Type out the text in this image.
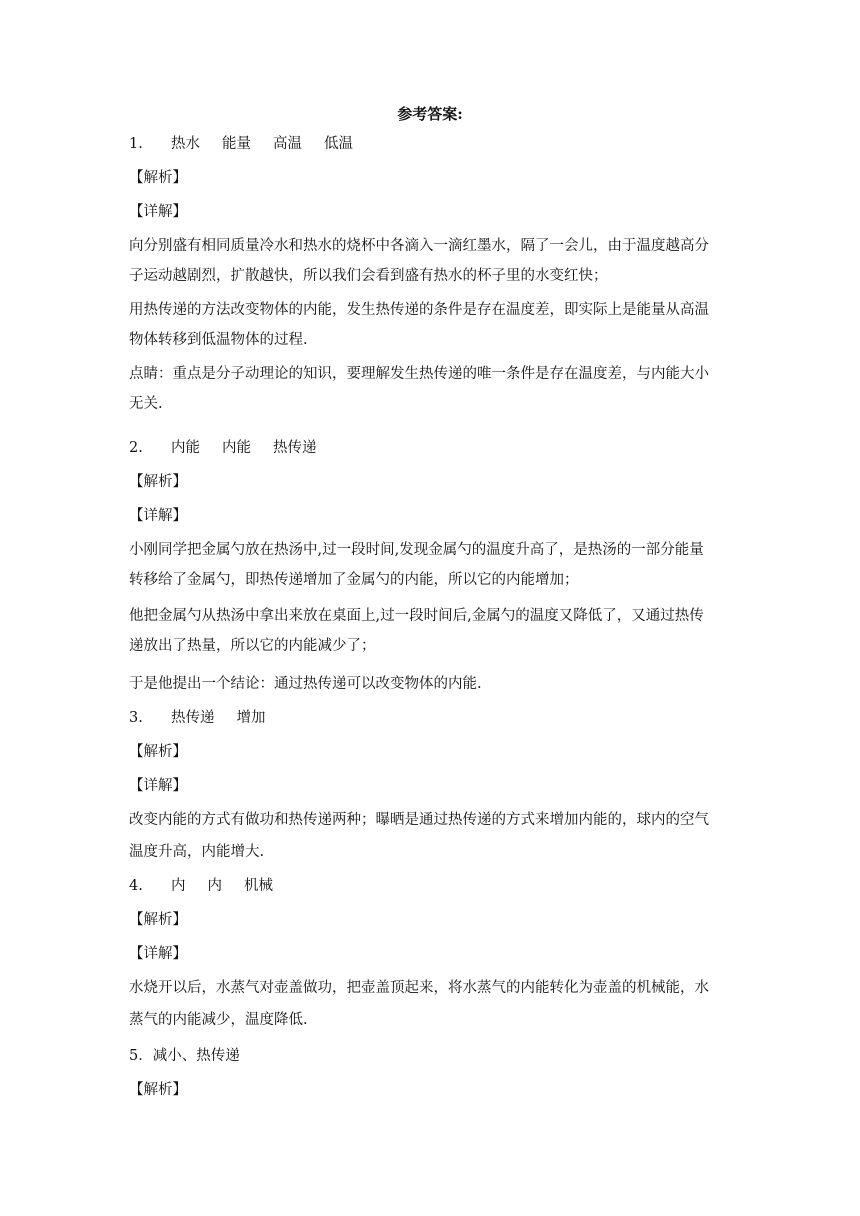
参考答案:
1. 热水 能量 高温 低温
【解析】
【详解】
向分别盛有相同质量冷水和热水的烧杯中各滴入一滴红墨水，隔了一会儿，由于温度越高分
子运动越剧烈，扩散越快，所以我们会看到盛有热水的杯子里的水变红快；
用热传递的方法改变物体的内能，发生热传递的条件是存在温度差，即实际上是能量从高温
物体转移到低温物体的过程.
点睛：重点是分子动理论的知识，要理解发生热传递的唯一条件是存在温度差，与内能大小
无关.
2. 内能 内能 热传递
【解析】
【详解】
小刚同学把金属勺放在热汤中,过一段时间,发现金属勺的温度升高了，是热汤的一部分能量
转移给了金属勺，即热传递增加了金属勺的内能，所以它的内能增加；
他把金属勺从热汤中拿出来放在桌面上,过一段时间后,金属勺的温度又降低了，又通过热传
递放出了热量，所以它的内能减少了；
于是他提出一个结论：通过热传递可以改变物体的内能.
3. 热传递 增加
【解析】
【详解】
改变内能的方式有做功和热传递两种；曝晒是通过热传递的方式来增加内能的，球内的空气
温度升高，内能增大.
4. 内 内 机械
【解析】
【详解】
水烧开以后，水蒸气对壶盖做功，把壶盖顶起来，将水蒸气的内能转化为壶盖的机械能，水
蒸气的内能减少，温度降低.
5．减小、热传递
【解析】
